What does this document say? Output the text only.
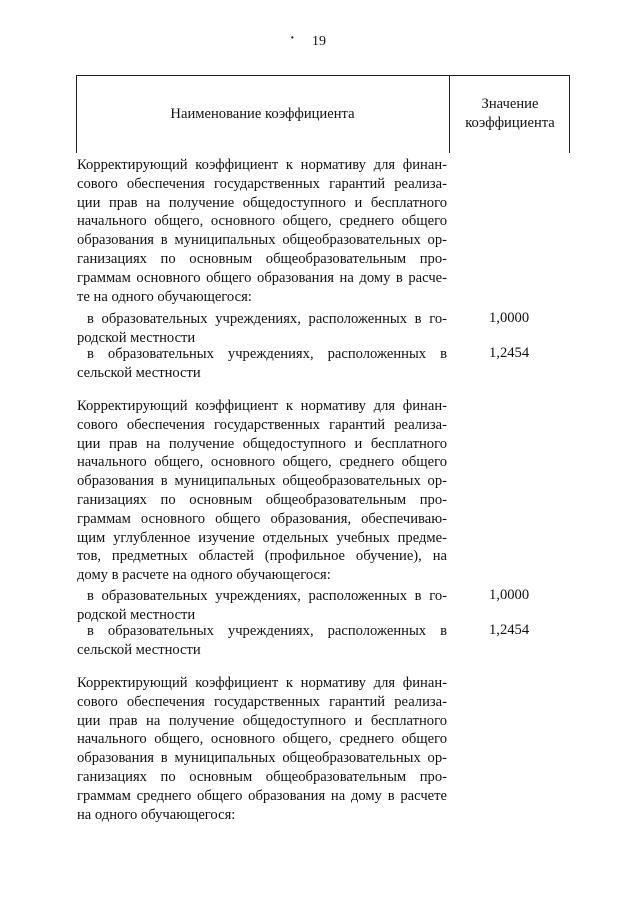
· 19
Наименование коэффициента
Значение
коэффициента
Корректирующий коэффициент к нормативу для финан-
сового обеспечения государственных гарантий реализа-
ции прав на получение общедоступного и бесплатного
начального общего, основного общего, среднего общего
образования в муниципальных общеобразовательных ор-
ганизациях по основным общеобразовательным про-
граммам основного общего образования на дому в расче-
те на одного обучающегося:
в образовательных учреждениях, расположенных в го-
родской местности
1,0000
в образовательных учреждениях, расположенных в
сельской местности
1,2454
Корректирующий коэффициент к нормативу для финан-
сового обеспечения государственных гарантий реализа-
ции прав на получение общедоступного и бесплатного
начального общего, основного общего, среднего общего
образования в муниципальных общеобразовательных ор-
ганизациях по основным общеобразовательным про-
граммам основного общего образования, обеспечиваю-
щим углубленное изучение отдельных учебных предме-
тов, предметных областей (профильное обучение), на
дому в расчете на одного обучающегося:
в образовательных учреждениях, расположенных в го-
родской местности
1,0000
в образовательных учреждениях, расположенных в
сельской местности
1,2454
Корректирующий коэффициент к нормативу для финан-
сового обеспечения государственных гарантий реализа-
ции прав на получение общедоступного и бесплатного
начального общего, основного общего, среднего общего
образования в муниципальных общеобразовательных ор-
ганизациях по основным общеобразовательным про-
граммам среднего общего образования на дому в расчете
на одного обучающегося:
